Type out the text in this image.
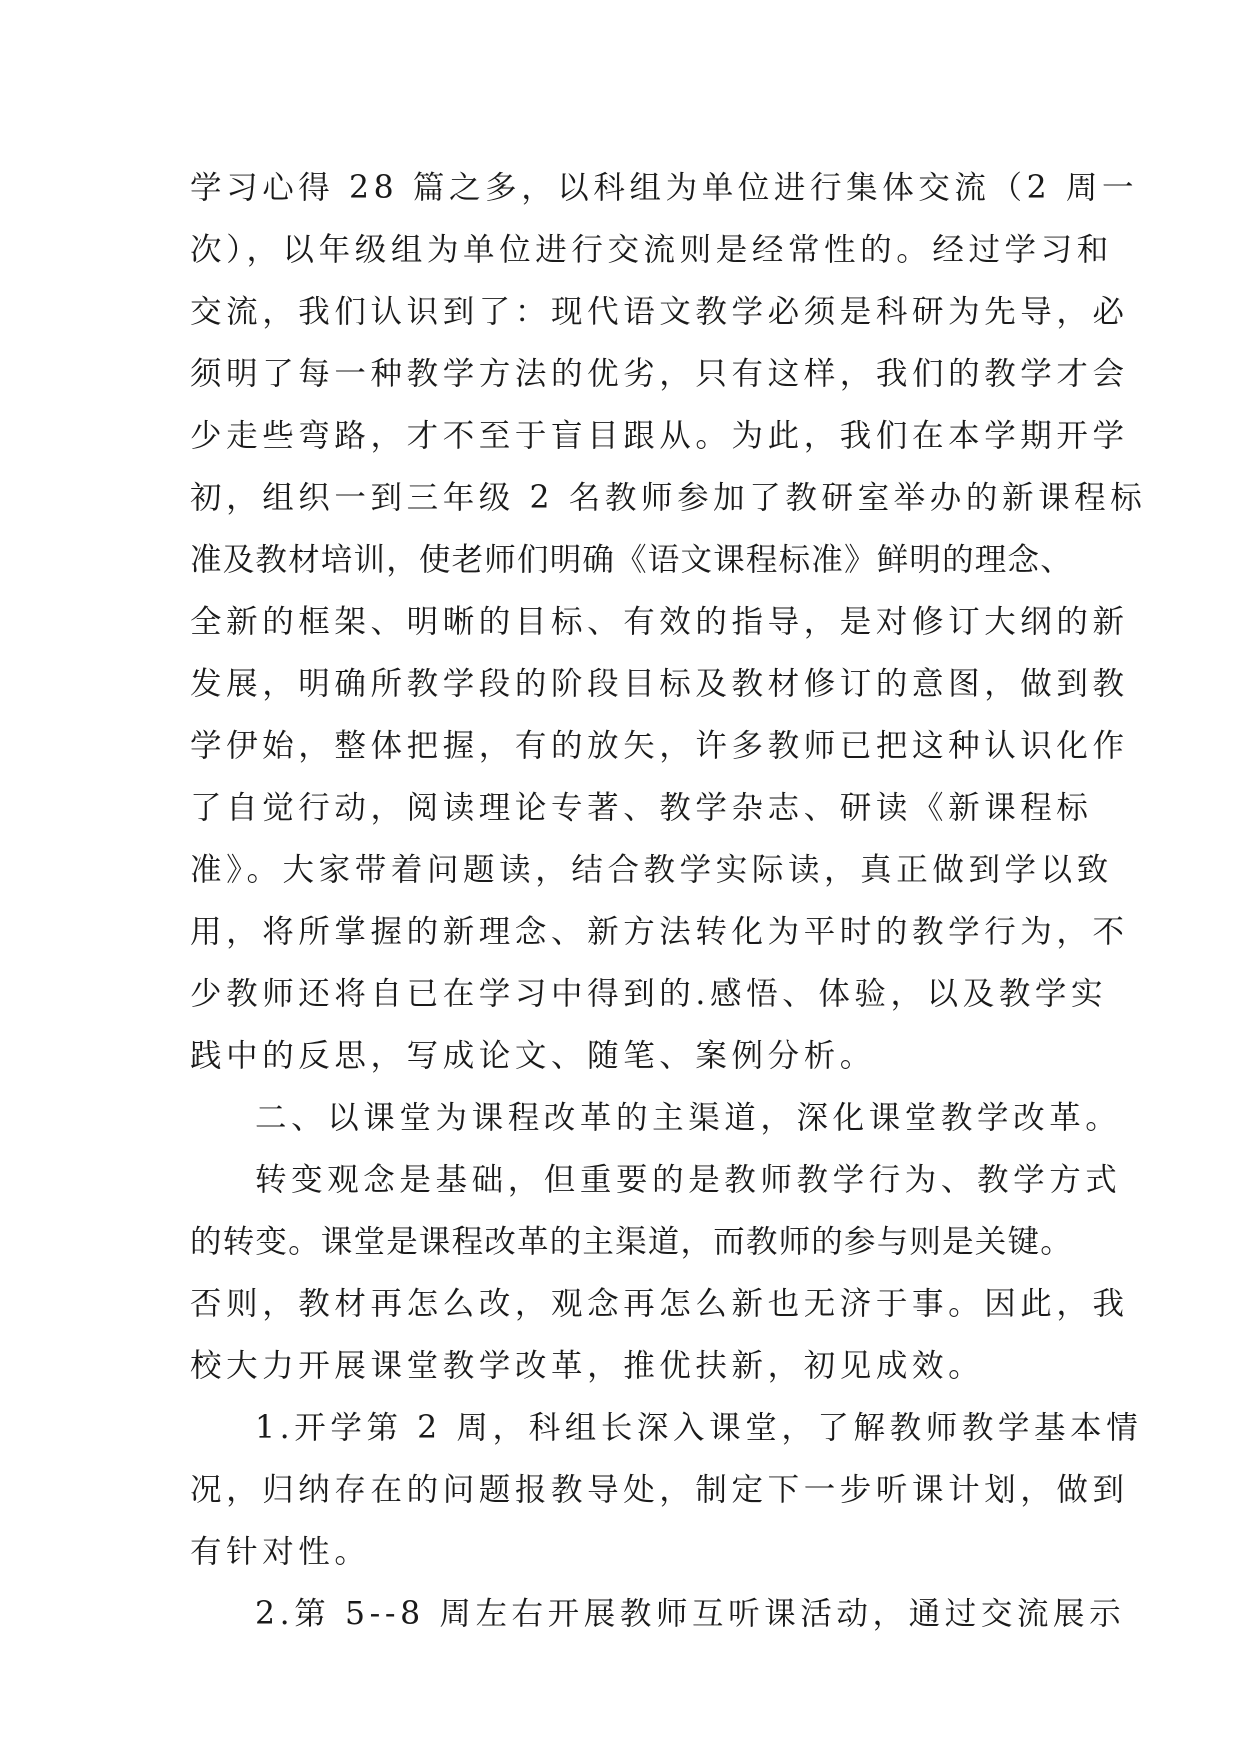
学习心得 28 篇之多，以科组为单位进行集体交流（2 周一
次），以年级组为单位进行交流则是经常性的。经过学习和
交流，我们认识到了：现代语文教学必须是科研为先导，必
须明了每一种教学方法的优劣，只有这样，我们的教学才会
少走些弯路，才不至于盲目跟从。为此，我们在本学期开学
初，组织一到三年级 2 名教师参加了教研室举办的新课程标
准及教材培训，使老师们明确《语文课程标准》鲜明的理念、
全新的框架、明晰的目标、有效的指导，是对修订大纲的新
发展，明确所教学段的阶段目标及教材修订的意图，做到教
学伊始，整体把握，有的放矢，许多教师已把这种认识化作
了自觉行动，阅读理论专著、教学杂志、研读《新课程标
准》。大家带着问题读，结合教学实际读，真正做到学以致
用，将所掌握的新理念、新方法转化为平时的教学行为，不
少教师还将自已在学习中得到的.感悟、体验，以及教学实
践中的反思，写成论文、随笔、案例分析。
二、以课堂为课程改革的主渠道，深化课堂教学改革。
转变观念是基础，但重要的是教师教学行为、教学方式
的转变。课堂是课程改革的主渠道，而教师的参与则是关键。
否则，教材再怎么改，观念再怎么新也无济于事。因此，我
校大力开展课堂教学改革，推优扶新，初见成效。
1.开学第 2 周，科组长深入课堂，了解教师教学基本情
况，归纳存在的问题报教导处，制定下一步听课计划，做到
有针对性。
2.第 5--8 周左右开展教师互听课活动，通过交流展示
